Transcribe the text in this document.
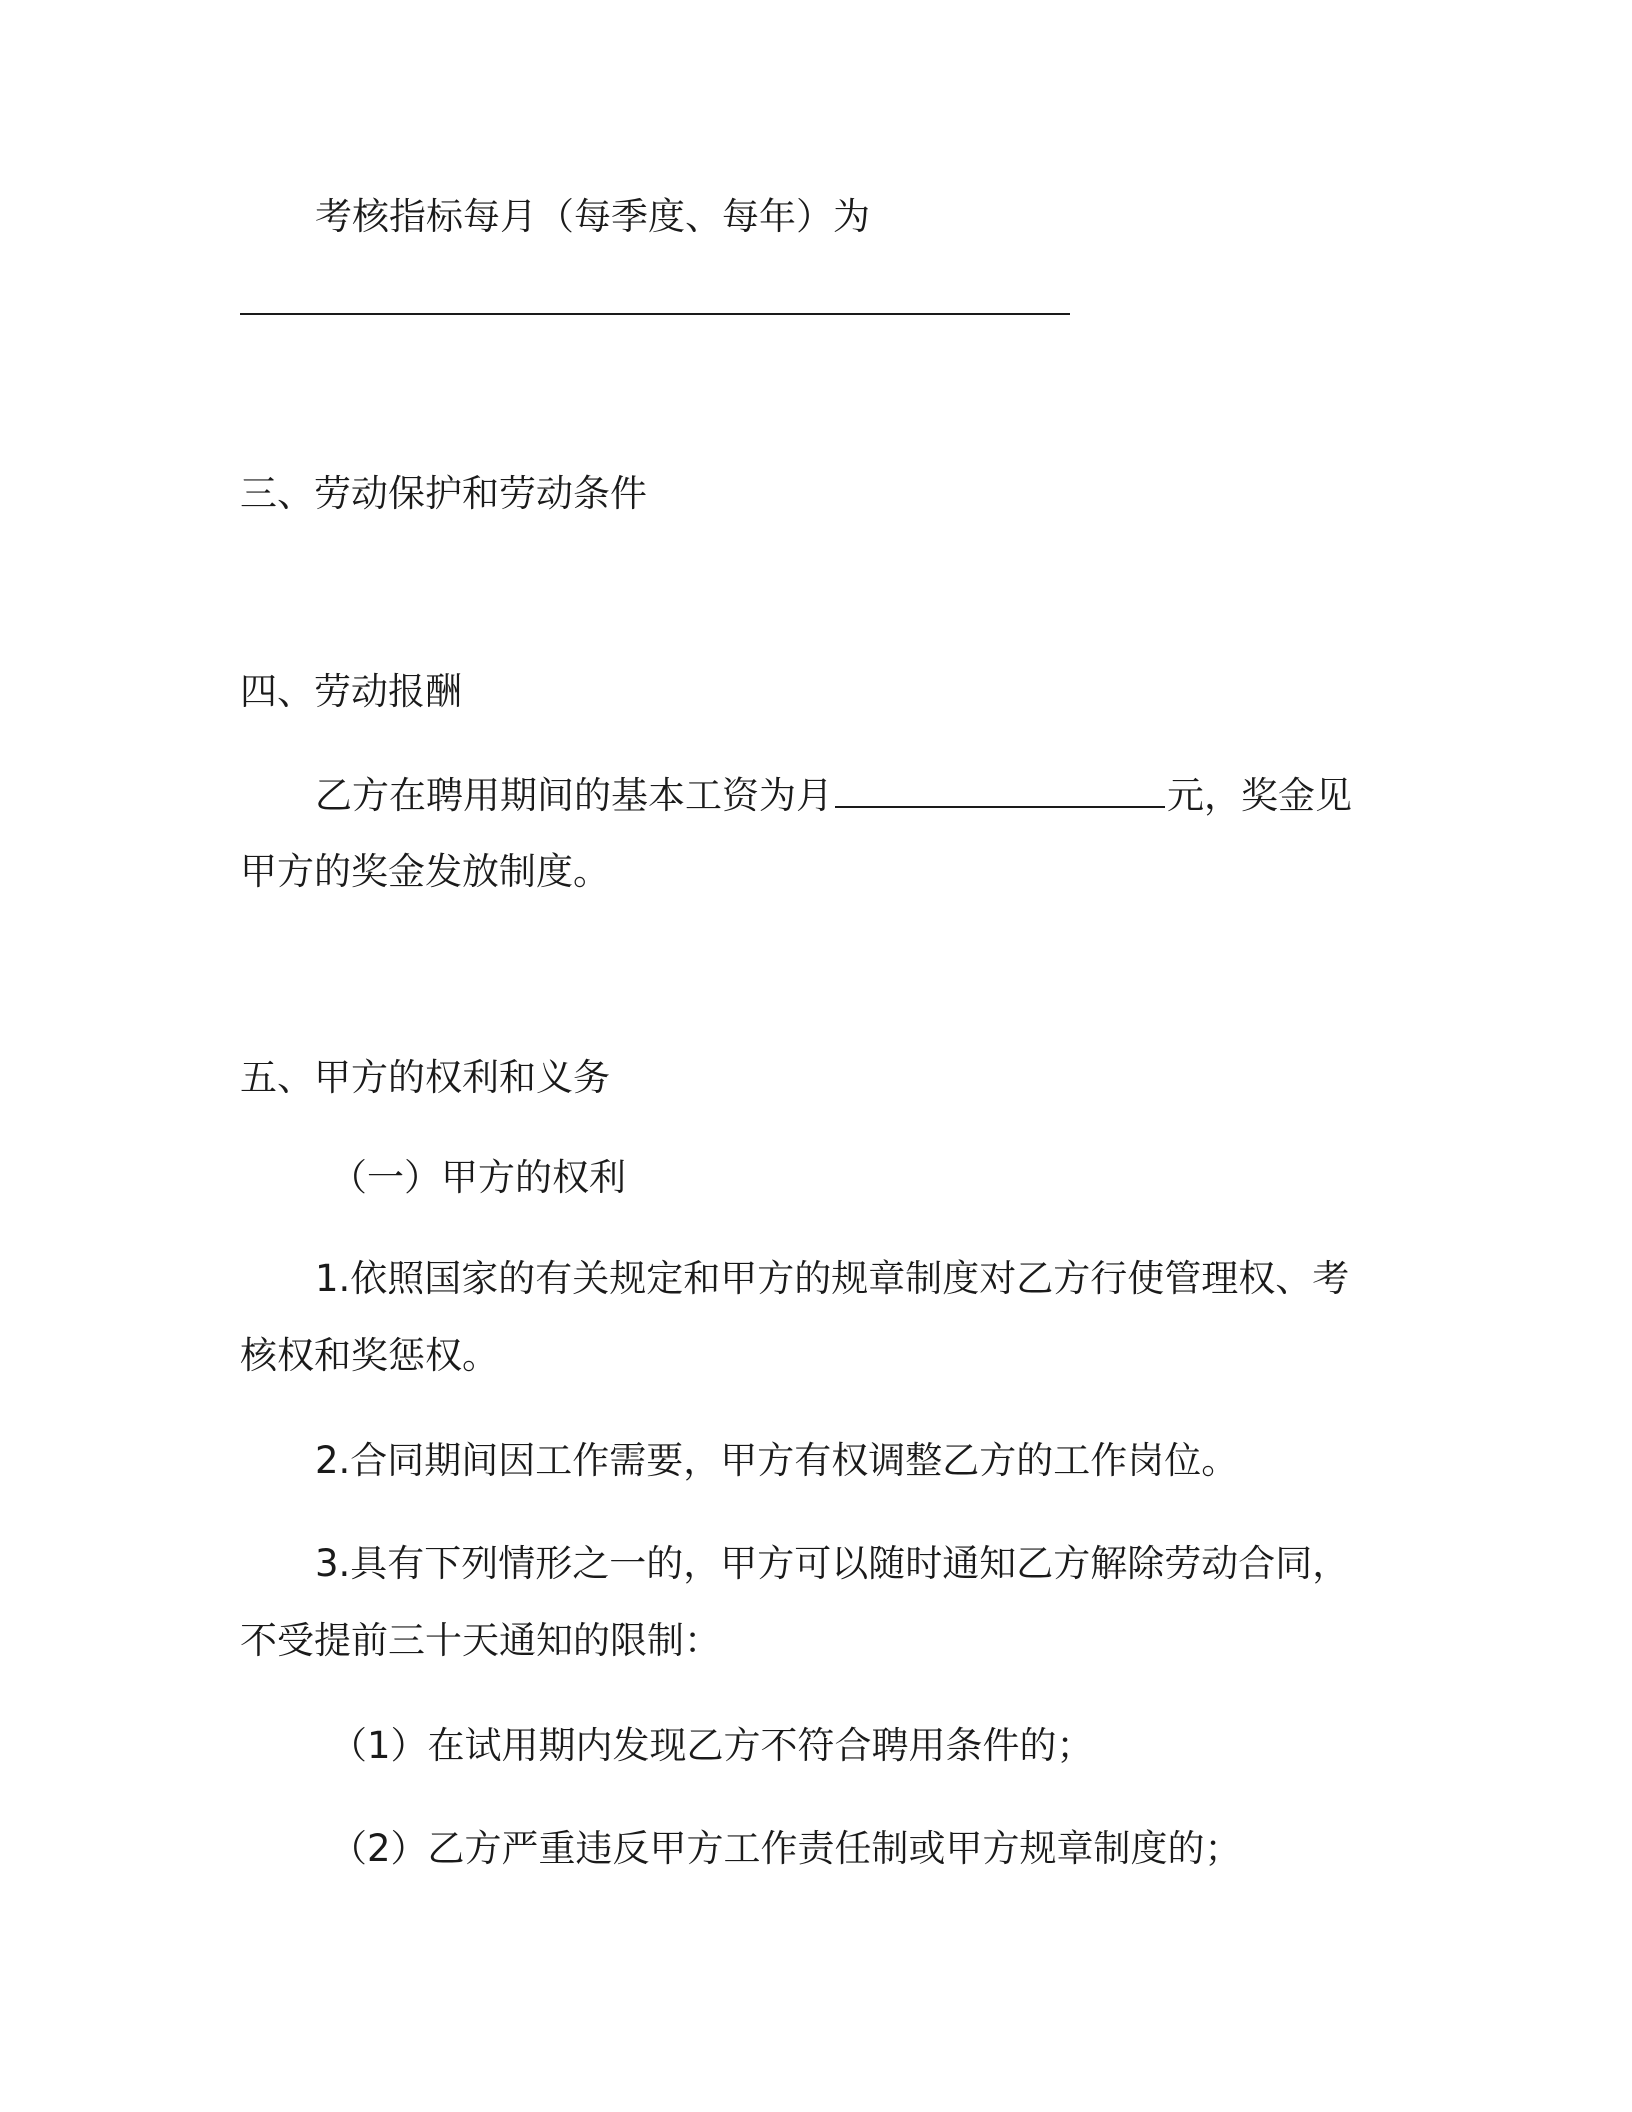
考核指标每月（每季度、每年）为
三、劳动保护和劳动条件
四、劳动报酬
乙方在聘用期间的基本工资为月	元，奖金见
甲方的奖金发放制度。
五、甲方的权利和义务
（一）甲方的权利
1.依照国家的有关规定和甲方的规章制度对乙方行使管理权、考
核权和奖惩权。
2.合同期间因工作需要，甲方有权调整乙方的工作岗位。
3.具有下列情形之一的，甲方可以随时通知乙方解除劳动合同，
不受提前三十天通知的限制：
（1）在试用期内发现乙方不符合聘用条件的；
（2）乙方严重违反甲方工作责任制或甲方规章制度的；
